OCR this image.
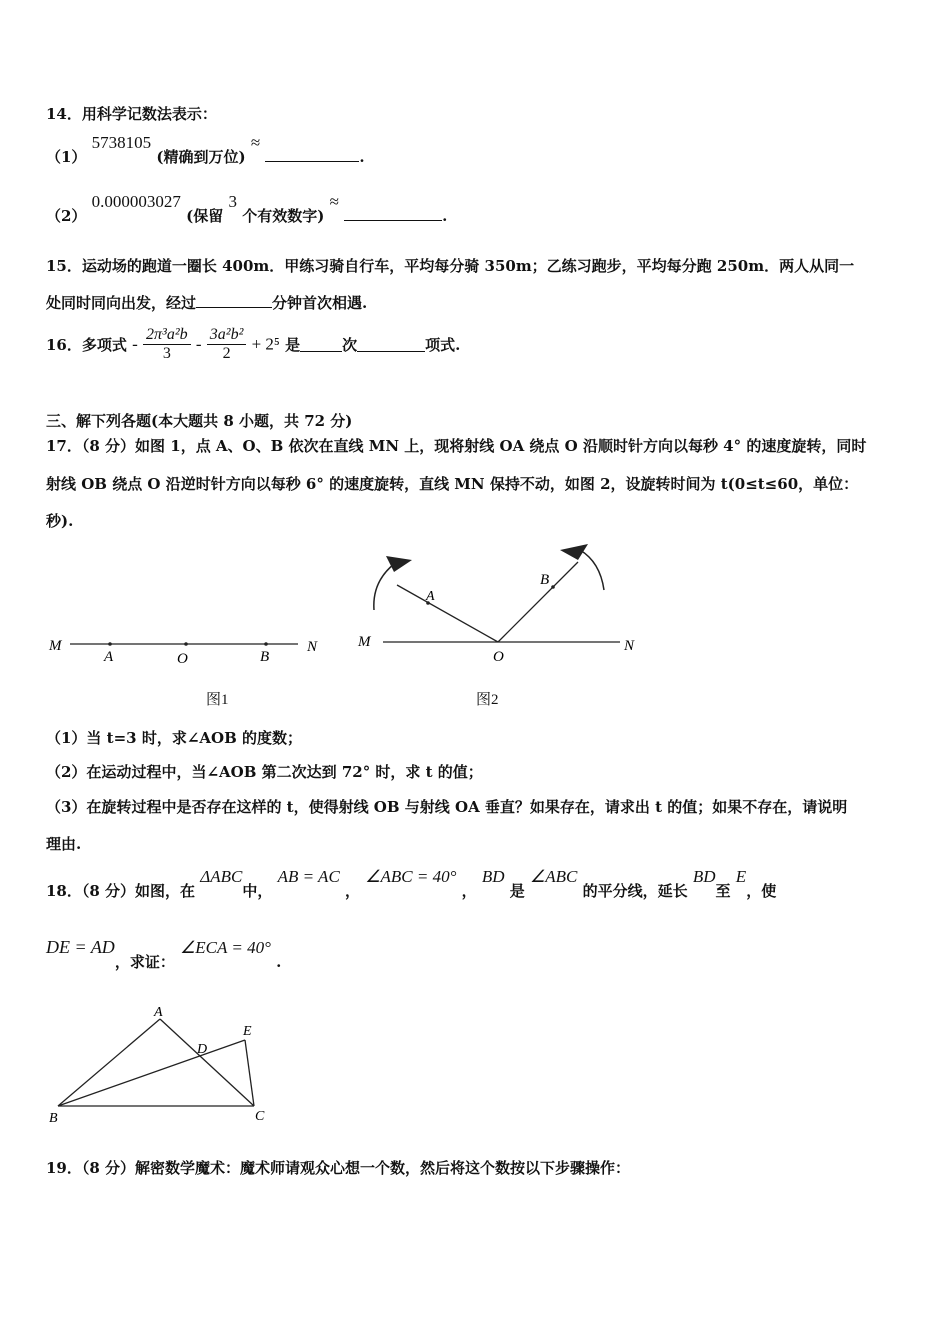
14．用科学记数法表示：
（1） 5738105 (精确到万位) ≈ .
（2） 0.000003027 (保留 3 个有效数字) ≈ .
15．运动场的跑道一圈长 400m．甲练习骑自行车，平均每分骑 350m；乙练习跑步，平均每分跑 250m．两人从同一
处同时同向出发，经过	分钟首次相遇.
16．多项式 - $\frac{\text{2π³a²b}}{3} - \frac{\text{3a²b²}}{2} + 2^5$ 是	次	项式.
三、解下列各题(本大题共 8 小题，共 72 分)
17．（8 分）如图 1，点 A、O、B 依次在直线 MN 上，现将射线 OA 绕点 O 沿顺时针方向以每秒 4° 的速度旋转，同时
射线 OB 绕点 O 沿逆时针方向以每秒 6° 的速度旋转，直线 MN 保持不动，如图 2，设旋转时间为 t(0≤t≤60，单位：
秒).
M
A	O	B
N
图1
M
A
O
B
N
图2
（1）当 t=3 时，求∠AOB 的度数；
（2）在运动过程中，当∠AOB 第二次达到 72° 时，求 t 的值；
（3）在旋转过程中是否存在这样的 t，使得射线 OB 与射线 OA 垂直？如果存在，请求出 t 的值；如果不存在，请说明
理由.
18．（8 分）如图，在 ΔABC中， AB = AC ， ∠ABC = 40° ， BD 是 ∠ABC 的平分线，延长 BD至 E，使
DE = AD，求证： ∠ECA = 40° .
A
B	C
D
E
19．（8 分）解密数学魔术：魔术师请观众心想一个数，然后将这个数按以下步骤操作：
